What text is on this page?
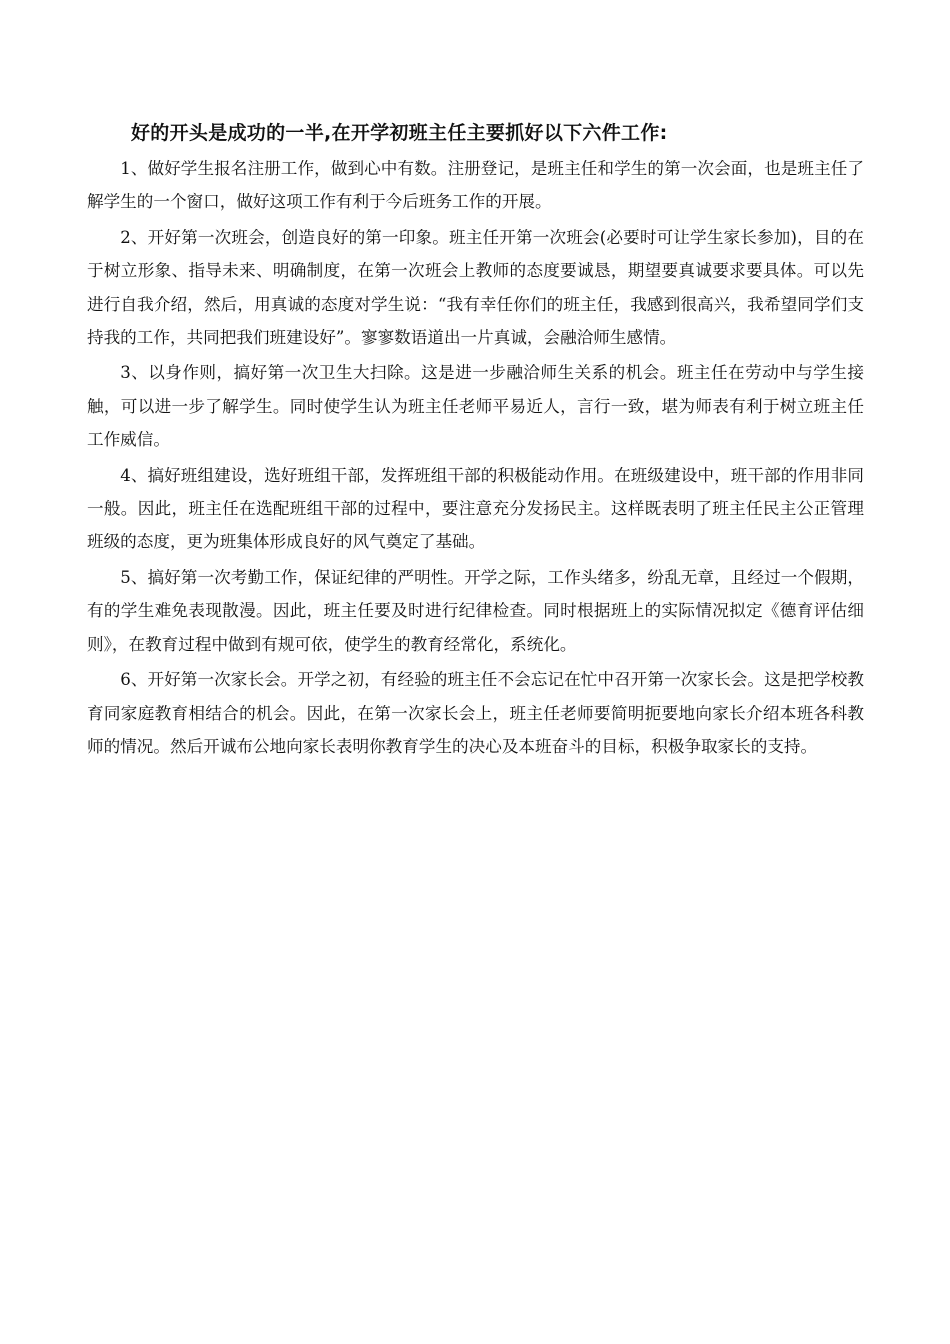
好的开头是成功的一半,在开学初班主任主要抓好以下六件工作:

1、做好学生报名注册工作，做到心中有数。注册登记，是班主任和学生的第一次会面，也是班主任了解学生的一个窗口，做好这项工作有利于今后班务工作的开展。

2、开好第一次班会，创造良好的第一印象。班主任开第一次班会(必要时可让学生家长参加)，目的在于树立形象、指导未来、明确制度，在第一次班会上教师的态度要诚恳，期望要真诚要求要具体。可以先进行自我介绍，然后，用真诚的态度对学生说：“我有幸任你们的班主任，我感到很高兴，我希望同学们支持我的工作，共同把我们班建设好”。寥寥数语道出一片真诚，会融洽师生感情。

3、以身作则，搞好第一次卫生大扫除。这是进一步融洽师生关系的机会。班主任在劳动中与学生接触，可以进一步了解学生。同时使学生认为班主任老师平易近人，言行一致，堪为师表有利于树立班主任工作威信。

4、搞好班组建设，选好班组干部，发挥班组干部的积极能动作用。在班级建设中，班干部的作用非同一般。因此，班主任在选配班组干部的过程中，要注意充分发扬民主。这样既表明了班主任民主公正管理班级的态度，更为班集体形成良好的风气奠定了基础。

5、搞好第一次考勤工作，保证纪律的严明性。开学之际，工作头绪多，纷乱无章，且经过一个假期，有的学生难免表现散漫。因此，班主任要及时进行纪律检查。同时根据班上的实际情况拟定《德育评估细则》，在教育过程中做到有规可依，使学生的教育经常化，系统化。

6、开好第一次家长会。开学之初，有经验的班主任不会忘记在忙中召开第一次家长会。这是把学校教育同家庭教育相结合的机会。因此，在第一次家长会上，班主任老师要简明扼要地向家长介绍本班各科教师的情况。然后开诚布公地向家长表明你教育学生的决心及本班奋斗的目标，积极争取家长的支持。
